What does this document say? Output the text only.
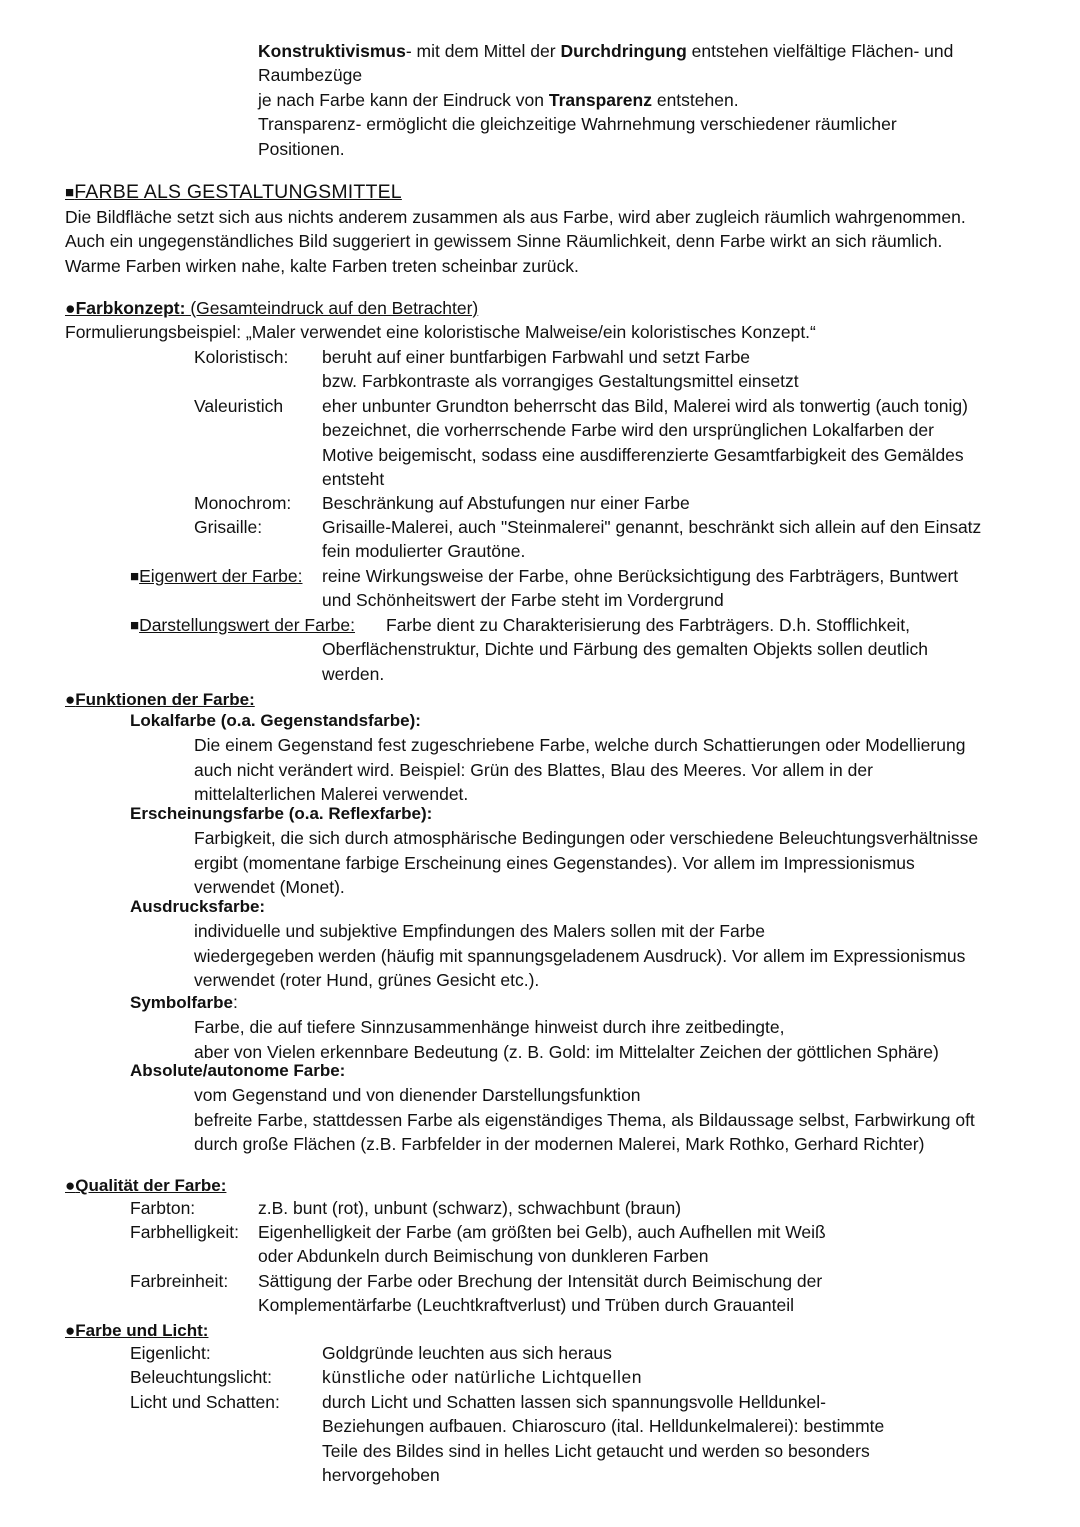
Konstruktivismus- mit dem Mittel der Durchdringung entstehen vielfältige Flächen- und
Raumbezüge
je nach Farbe kann der Eindruck von Transparenz entstehen.
Transparenz- ermöglicht die gleichzeitige Wahrnehmung verschiedener räumlicher
Positionen.
■FARBE ALS GESTALTUNGSMITTEL
Die Bildfläche setzt sich aus nichts anderem zusammen als aus Farbe, wird aber zugleich räumlich wahrgenommen.
Auch ein ungegenständliches Bild suggeriert in gewissem Sinne Räumlichkeit, denn Farbe wirkt an sich räumlich.
Warme Farben wirken nahe, kalte Farben treten scheinbar zurück.
●Farbkonzept: (Gesamteindruck auf den Betrachter)
Formulierungsbeispiel: „Maler verwendet eine koloristische Malweise/ein koloristisches Konzept.“
Koloristisch: beruht auf einer buntfarbigen Farbwahl und setzt Farbe
bzw. Farbkontraste als vorrangiges Gestaltungsmittel einsetzt
Valeuristich eher unbunter Grundton beherrscht das Bild, Malerei wird als tonwertig (auch tonig)
bezeichnet, die vorherrschende Farbe wird den ursprünglichen Lokalfarben der
Motive beigemischt, sodass eine ausdifferenzierte Gesamtfarbigkeit des Gemäldes
entsteht
Monochrom: Beschränkung auf Abstufungen nur einer Farbe
Grisaille:	Grisaille-Malerei, auch "Steinmalerei" genannt, beschränkt sich allein auf den Einsatz
fein modulierter Grautöne.
■Eigenwert der Farbe: reine Wirkungsweise der Farbe, ohne Berücksichtigung des Farbträgers, Buntwert
und Schönheitswert der Farbe steht im Vordergrund
■Darstellungswert der Farbe: Farbe dient zu Charakterisierung des Farbträgers. D.h. Stofflichkeit,
Oberflächenstruktur, Dichte und Färbung des gemalten Objekts sollen deutlich
werden.
●Funktionen der Farbe:
Lokalfarbe (o.a. Gegenstandsfarbe):
Die einem Gegenstand fest zugeschriebene Farbe, welche durch Schattierungen oder Modellierung
auch nicht verändert wird. Beispiel: Grün des Blattes, Blau des Meeres. Vor allem in der
mittelalterlichen Malerei verwendet.
Erscheinungsfarbe (o.a. Reflexfarbe):
Farbigkeit, die sich durch atmosphärische Bedingungen oder verschiedene Beleuchtungsverhältnisse
ergibt (momentane farbige Erscheinung eines Gegenstandes). Vor allem im Impressionismus
verwendet (Monet).
Ausdrucksfarbe:
individuelle und subjektive Empfindungen des Malers sollen mit der Farbe
wiedergegeben werden (häufig mit spannungsgeladenem Ausdruck). Vor allem im Expressionismus
verwendet (roter Hund, grünes Gesicht etc.).
Symbolfarbe:
Farbe, die auf tiefere Sinnzusammenhänge hinweist durch ihre zeitbedingte,
aber von Vielen erkennbare Bedeutung (z. B. Gold: im Mittelalter Zeichen der göttlichen Sphäre)
Absolute/autonome Farbe:
vom Gegenstand und von dienender Darstellungsfunktion
befreite Farbe, stattdessen Farbe als eigenständiges Thema, als Bildaussage selbst, Farbwirkung oft
durch große Flächen (z.B. Farbfelder in der modernen Malerei, Mark Rothko, Gerhard Richter)
●Qualität der Farbe:
Farbton:	z.B. bunt (rot), unbunt (schwarz), schwachbunt (braun)
Farbhelligkeit: Eigenhelligkeit der Farbe (am größten bei Gelb), auch Aufhellen mit Weiß
oder Abdunkeln durch Beimischung von dunkleren Farben
Farbreinheit: Sättigung der Farbe oder Brechung der Intensität durch Beimischung der
Komplementärfarbe (Leuchtkraftverlust) und Trüben durch Grauanteil
●Farbe und Licht:
Eigenlicht:	Goldgründe leuchten aus sich heraus
Beleuchtungslicht:	künstliche oder natürliche Lichtquellen
Licht und Schatten: durch Licht und Schatten lassen sich spannungsvolle Helldunkel-
Beziehungen aufbauen. Chiaroscuro (ital. Helldunkelmalerei): bestimmte
Teile des Bildes sind in helles Licht getaucht und werden so besonders
hervorgehoben
